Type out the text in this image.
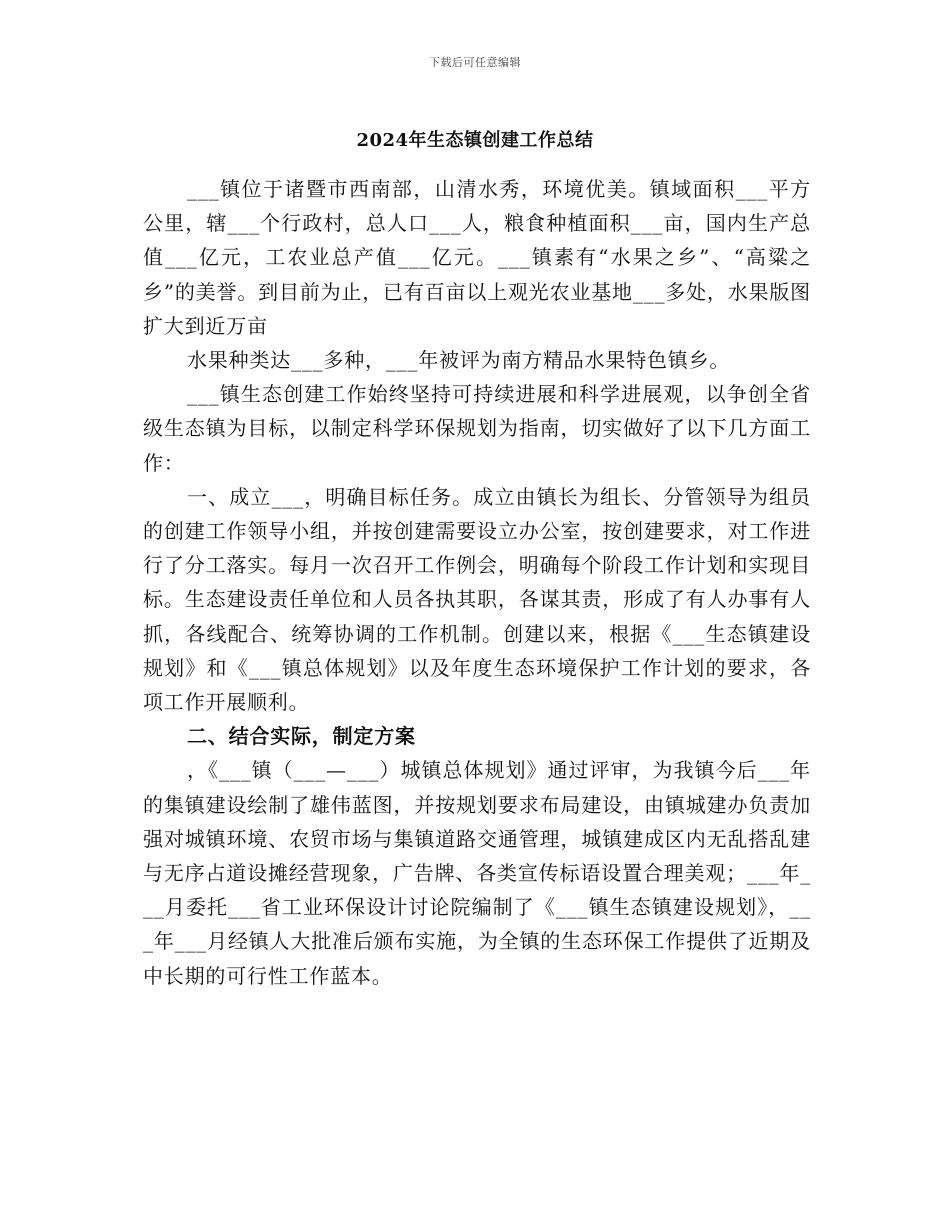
下载后可任意编辑
2024年生态镇创建工作总结

___镇位于诸暨市西南部，山清水秀，环境优美。镇域面积___平方公里，辖___个行政村，总人口___人，粮食种植面积___亩，国内生产总值___亿元，工农业总产值___亿元。___镇素有“水果之乡”、“高粱之乡”的美誉。到目前为止，已有百亩以上观光农业基地___多处，水果版图扩大到近万亩

水果种类达___多种，___年被评为南方精品水果特色镇乡。

___镇生态创建工作始终坚持可持续进展和科学进展观，以争创全省级生态镇为目标，以制定科学环保规划为指南，切实做好了以下几方面工作：

一、成立___，明确目标任务。成立由镇长为组长、分管领导为组员的创建工作领导小组，并按创建需要设立办公室，按创建要求，对工作进行了分工落实。每月一次召开工作例会，明确每个阶段工作计划和实现目标。生态建设责任单位和人员各执其职，各谋其责，形成了有人办事有人抓，各线配合、统筹协调的工作机制。创建以来，根据《___生态镇建设规划》和《___镇总体规划》以及年度生态环境保护工作计划的要求，各项工作开展顺利。

二、结合实际，制定方案

，《___镇（___—___）城镇总体规划》通过评审，为我镇今后___年的集镇建设绘制了雄伟蓝图，并按规划要求布局建设，由镇城建办负责加强对城镇环境、农贸市场与集镇道路交通管理，城镇建成区内无乱搭乱建与无序占道设摊经营现象，广告牌、各类宣传标语设置合理美观；___年___月委托___省工业环保设计讨论院编制了《___镇生态镇建设规划》，___年___月经镇人大批准后颁布实施，为全镇的生态环保工作提供了近期及中长期的可行性工作蓝本。
